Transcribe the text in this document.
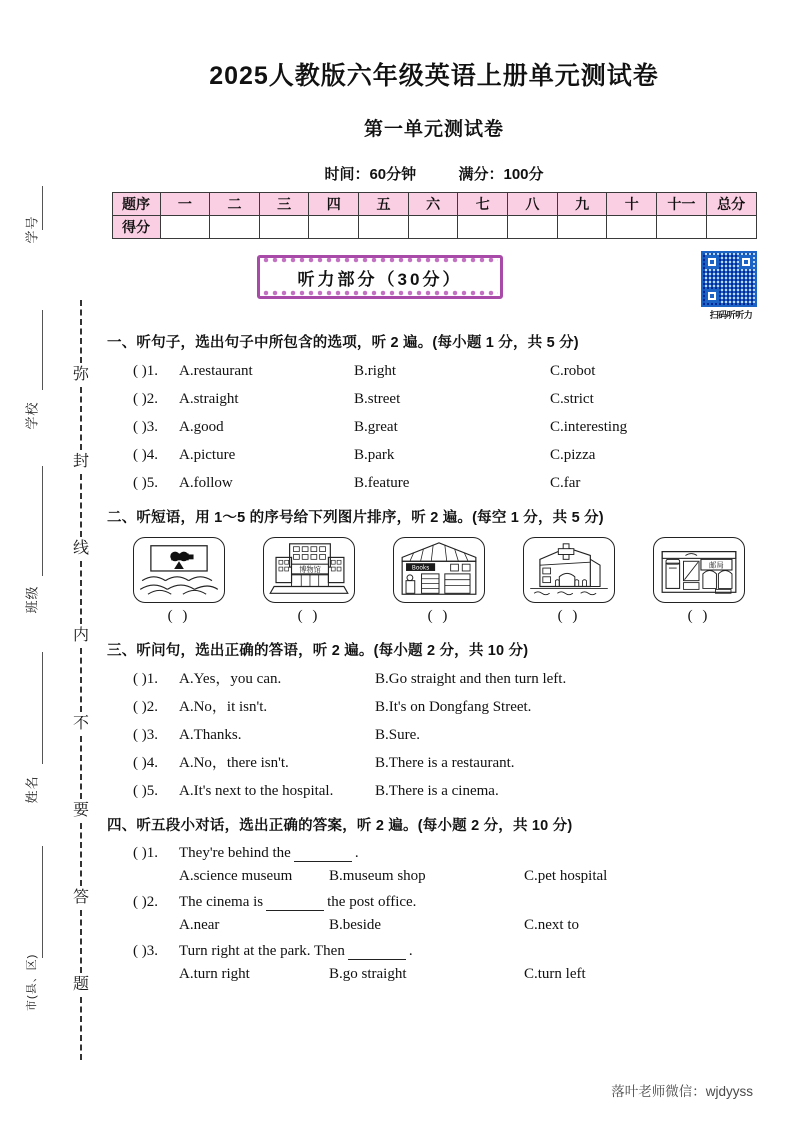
学号
学校
班级
姓名
市(县、区)
弥
封
线
内
不
要
答
题
2025人教版六年级英语上册单元测试卷
第一单元测试卷
时间：60分钟	满分：100分
题序	一	二	三	四	五	六	七	八	九	十	十一	总分
得分												
听力部分（30分）
扫码听听力
一、听句子，选出句子中所包含的选项，听 2 遍。(每小题 1 分，共 5 分)
( )1.	A.restaurant	B.right	C.robot
( )2.	A.straight	B.street	C.strict
( )3.	A.good	B.great	C.interesting
( )4.	A.picture	B.park	C.pizza
( )5.	A.follow	B.feature	C.far
二、听短语，用 1～5 的序号给下列图片排序，听 2 遍。(每空 1 分，共 5 分)
( )
博物馆
( )
Books
( )	( )
邮局
( )
三、听问句，选出正确的答语，听 2 遍。(每小题 2 分，共 10 分)
( )1.	A.Yes，you can.	B.Go straight and then turn left.
( )2.	A.No，it isn't.	B.It's on Dongfang Street.
( )3.	A.Thanks.	B.Sure.
( )4.	A.No，there isn't.	B.There is a restaurant.
( )5.	A.It's next to the hospital.	B.There is a cinema.
四、听五段小对话，选出正确的答案，听 2 遍。(每小题 2 分，共 10 分)
( )1.	They're behind the	.
A.science museum	B.museum shop	C.pet hospital
( )2.	The cinema is	the post office.
A.near	B.beside	C.next to
( )3.	Turn right at the park. Then	.
A.turn right	B.go straight	C.turn left
落叶老师微信：wjdyyss
